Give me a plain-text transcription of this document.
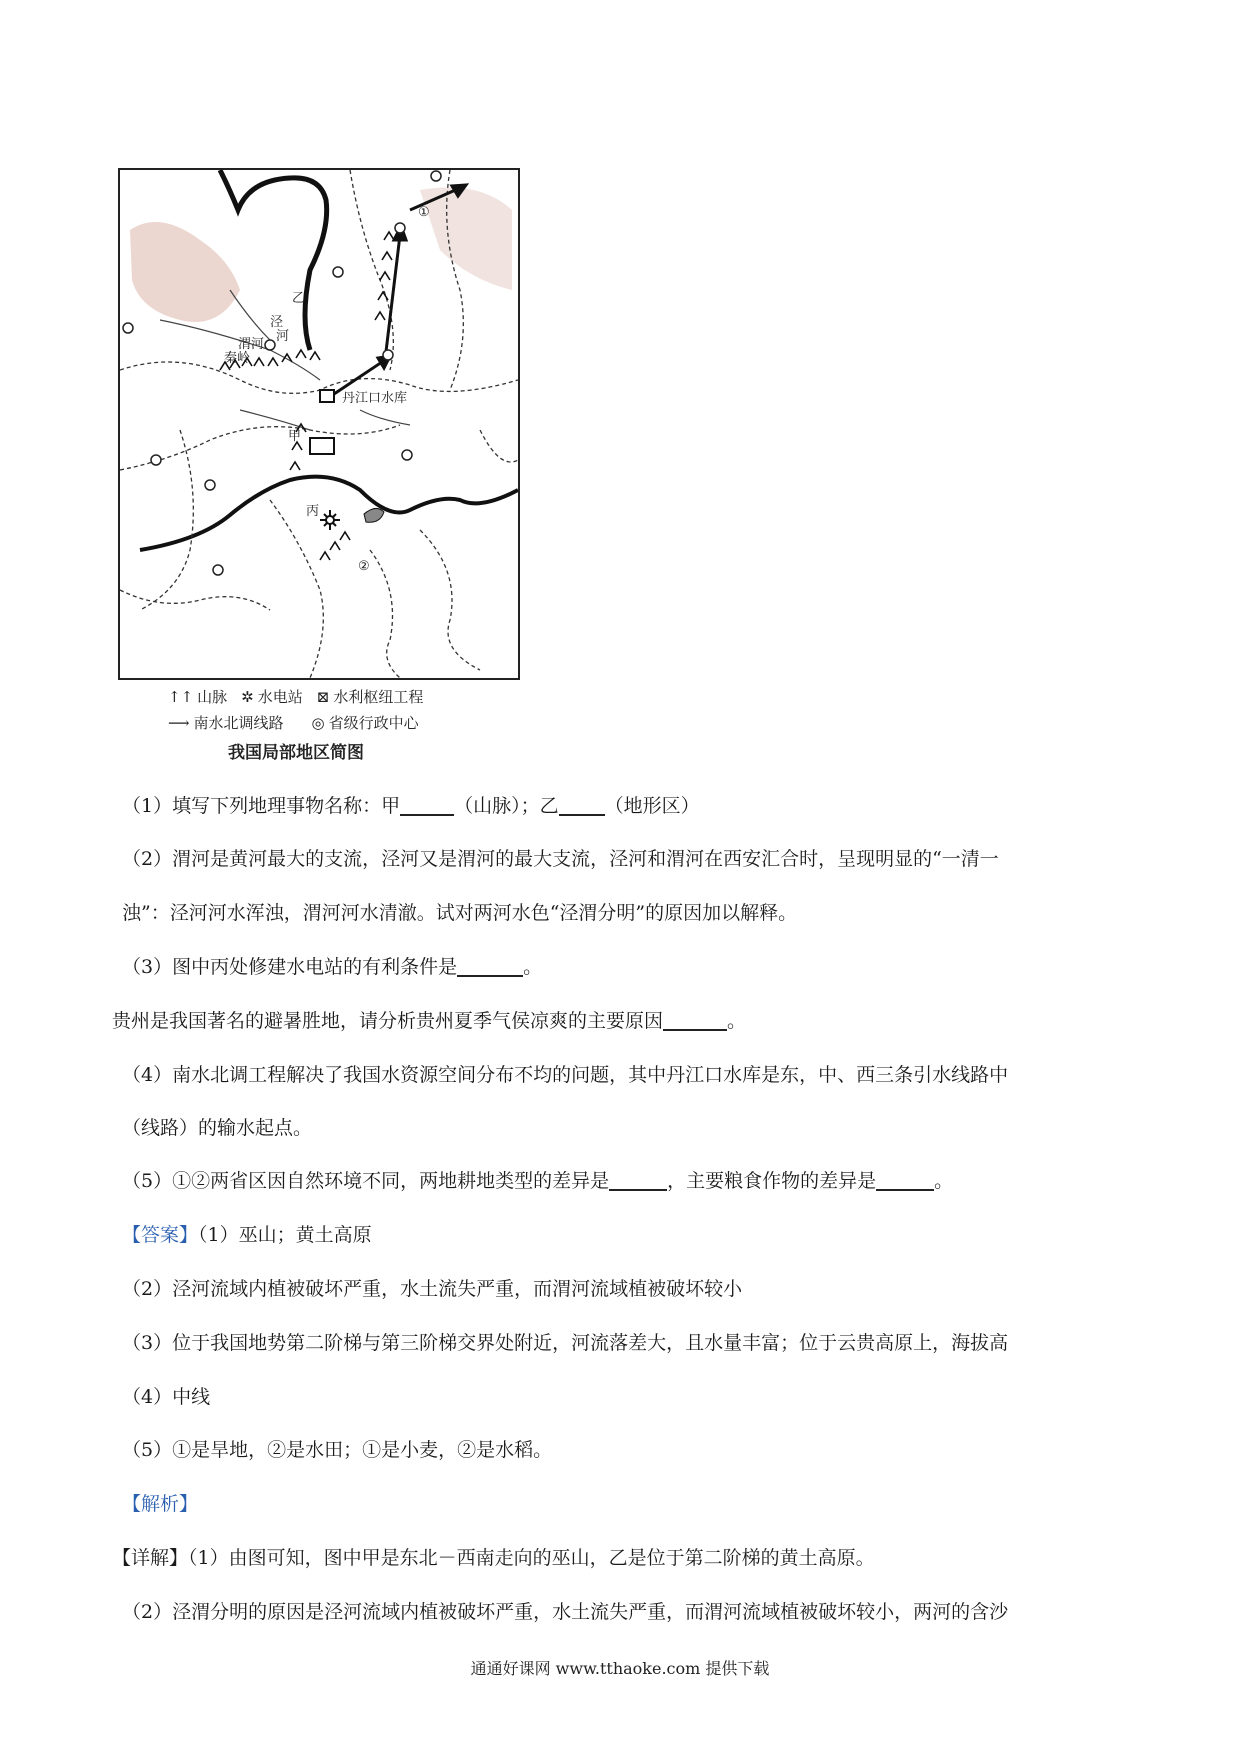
乙
泾
河
渭河
甲
丙
①
②
丹江口水库
秦岭
↑↑ 山脉 ✲ 水电站 ⊠ 水利枢纽工程
⟶ 南水北调线路 ◎ 省级行政中心
我国局部地区简图
（1）填写下列地理事物名称：甲	（山脉）；乙 （地形区）
（2）渭河是黄河最大的支流，泾河又是渭河的最大支流，泾河和渭河在西安汇合时，呈现明显的“一清一
浊”：泾河河水浑浊，渭河河水清澈。试对两河水色“泾渭分明”的原因加以解释。
（3）图中丙处修建水电站的有利条件是	。
贵州是我国著名的避暑胜地，请分析贵州夏季气侯凉爽的主要原因	。
（4）南水北调工程解决了我国水资源空间分布不均的问题，其中丹江口水库是东，中、西三条引水线路中
（线路）的输水起点。
（5）①②两省区因自然环境不同，两地耕地类型的差异是	，主要粮食作物的差异是	。
【答案】（1）巫山；黄土高原
（2）泾河流域内植被破坏严重，水土流失严重，而渭河流域植被破坏较小
（3）位于我国地势第二阶梯与第三阶梯交界处附近，河流落差大，且水量丰富；位于云贵高原上，海拔高
（4）中线
（5）①是旱地，②是水田；①是小麦，②是水稻。
【解析】
【详解】（1）由图可知，图中甲是东北－西南走向的巫山，乙是位于第二阶梯的黄土高原。
（2）泾渭分明的原因是泾河流域内植被破坏严重，水土流失严重，而渭河流域植被破坏较小，两河的含沙
通通好课网 www.tthaoke.com 提供下载
